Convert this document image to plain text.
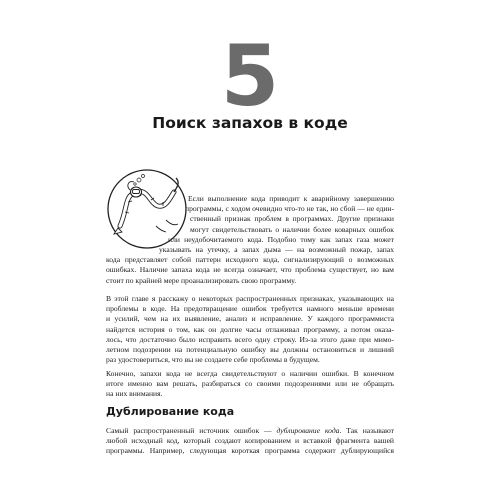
5
Поиск запахов в коде
Если выполнение кода приводит к аварийному завершению
программы, с ходом очевидно что-то не так, но сбой — не един-
ственный признак проблем в программах. Другие признаки
могут свидетельствовать о наличии более коварных ошибок
или неудобочитаемого кода. Подобно тому как запах газа может
указывать на утечку, а запах дыма — на возможный пожар, запах
кода представляет собой паттерн исходного кода, сигнализирующий о возможных
ошибках. Наличие запаха кода не всегда означает, что проблема существует, но вам
стоит по крайней мере проанализировать свою программу.
В этой главе я расскажу о некоторых распространенных признаках, указывающих на
проблемы в коде. На предотвращение ошибок требуется намного меньше времени
и усилий, чем на их выявление, анализ и исправление. У каждого программиста
найдется история о том, как он долгие часы отлаживал программу, а потом оказа-
лось, что достаточно было исправить всего одну строку. Из-за этого даже при мимо-
летном подозрении на потенциальную ошибку вы должны остановиться и лишний
раз удостовериться, что вы не создаете себе проблемы в будущем.
Конечно, запахи кода не всегда свидетельствуют о наличии ошибки. В конечном
итоге именно вам решать, разбираться со своими подозрениями или не обращать
на них внимания.
Дублирование кода
Самый распространенный источник ошибок — дублирование кода. Так называют
любой исходный код, который создают копированием и вставкой фрагмента вашей
программы. Например, следующая короткая программа содержит дублирующийся
